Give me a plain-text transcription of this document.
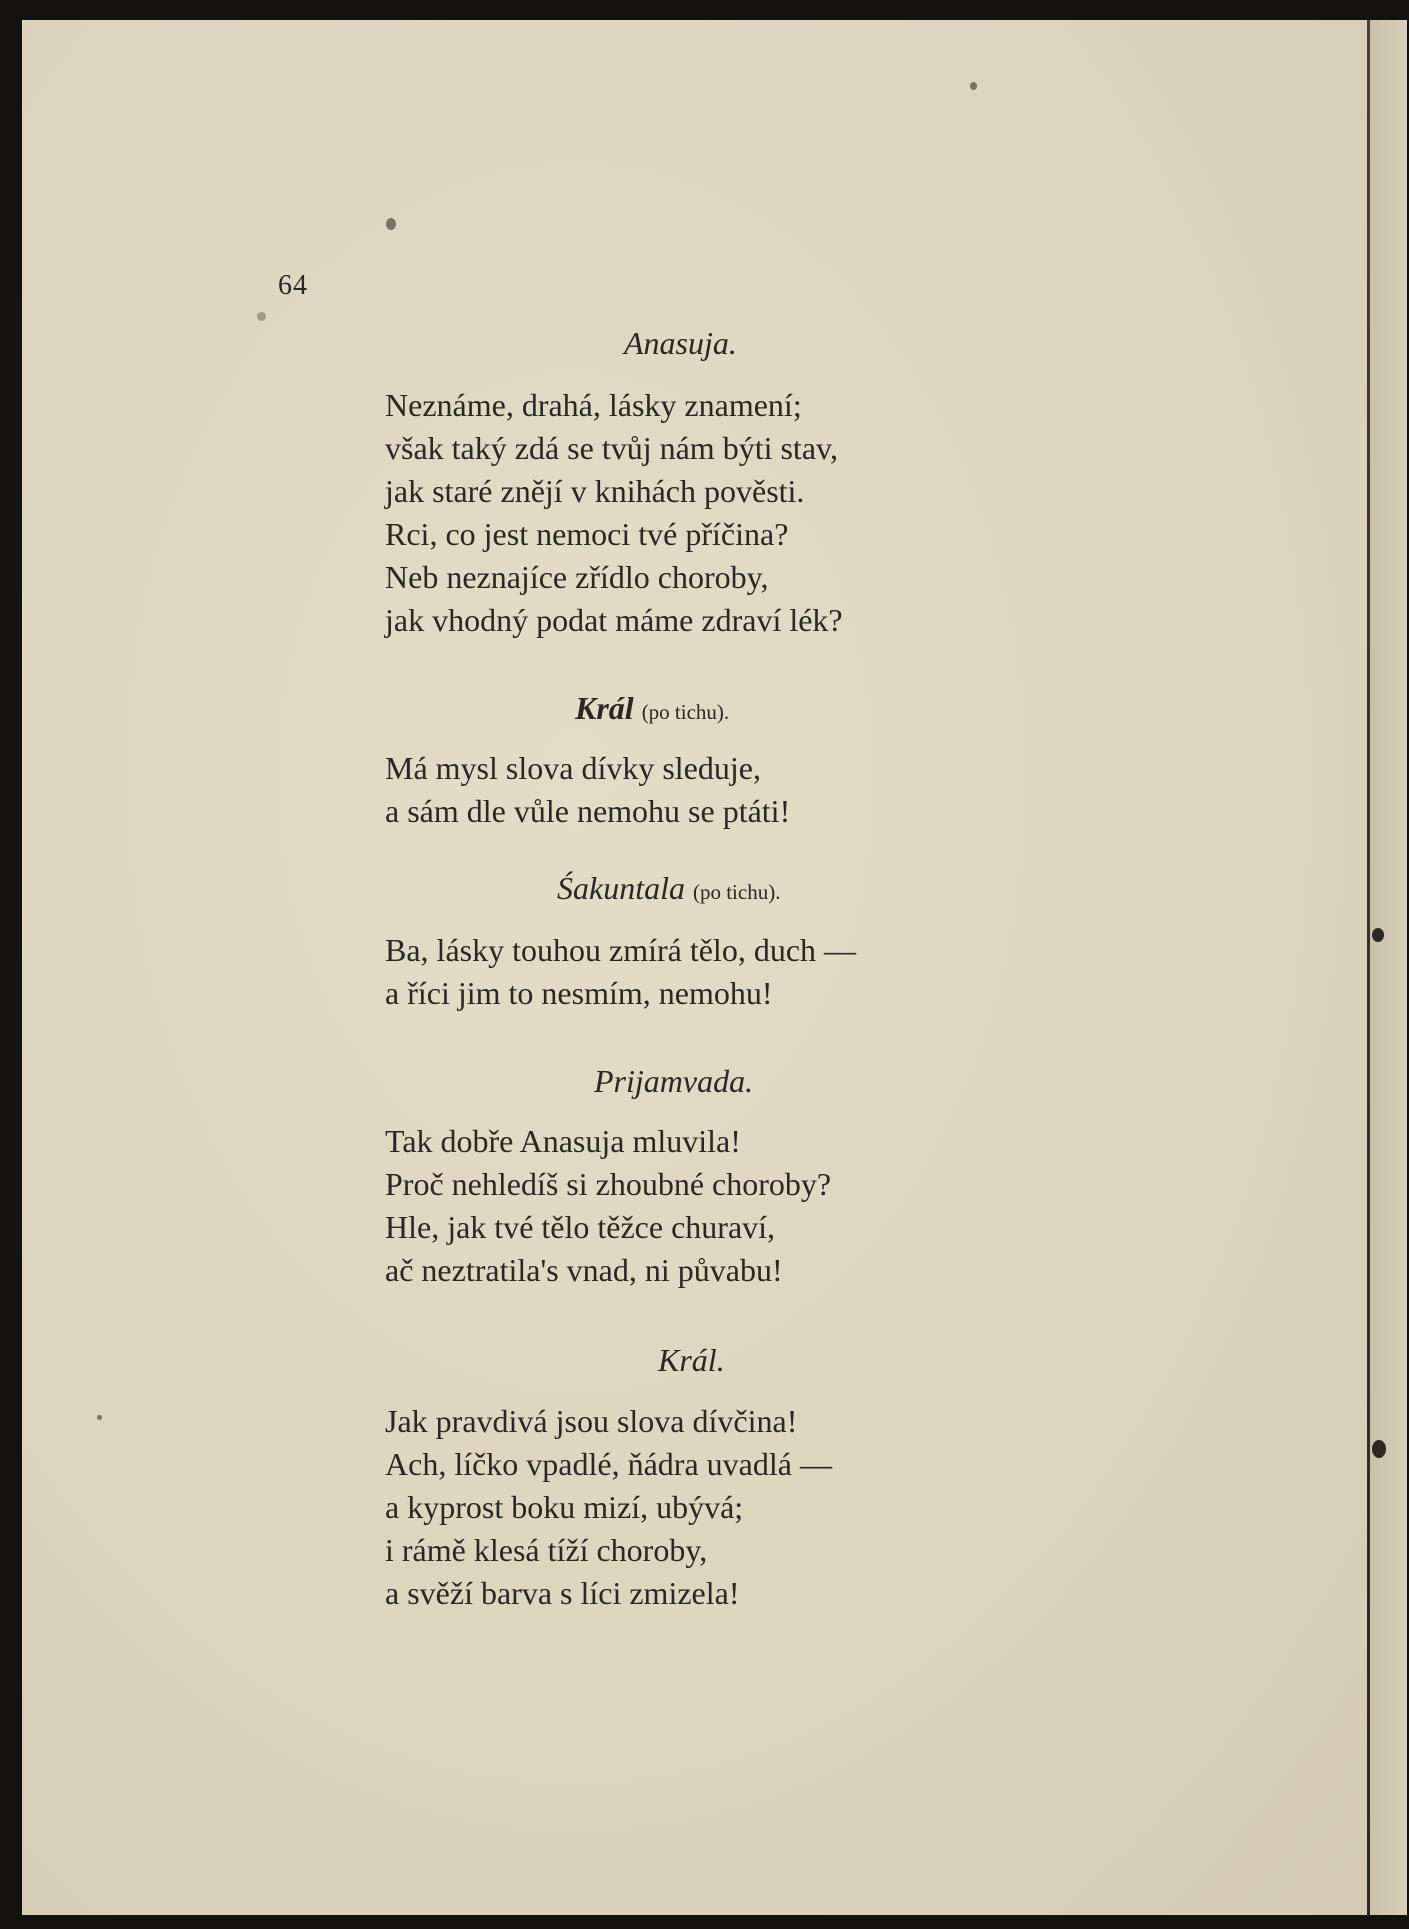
64
Anasuja.
Neznáme, drahá, lásky znamení;
však taký zdá se tvůj nám býti stav,
jak staré znějí v knihách pověsti.
Rci, co jest nemoci tvé příčina?
Neb neznajíce zřídlo choroby,
jak vhodný podat máme zdraví lék?
Král (po tichu).
Má mysl slova dívky sleduje,
a sám dle vůle nemohu se ptáti!
Śakuntala (po tichu).
Ba, lásky touhou zmírá tělo, duch —
a říci jim to nesmím, nemohu!
Prijamvada.
Tak dobře Anasuja mluvila!
Proč nehledíš si zhoubné choroby?
Hle, jak tvé tělo těžce churaví,
ač neztratila's vnad, ni půvabu!
Král.
Jak pravdivá jsou slova dívčina!
Ach, líčko vpadlé, ňádra uvadlá —
a kyprost boku mizí, ubývá;
i rámě klesá tíží choroby,
a svěží barva s líci zmizela!
